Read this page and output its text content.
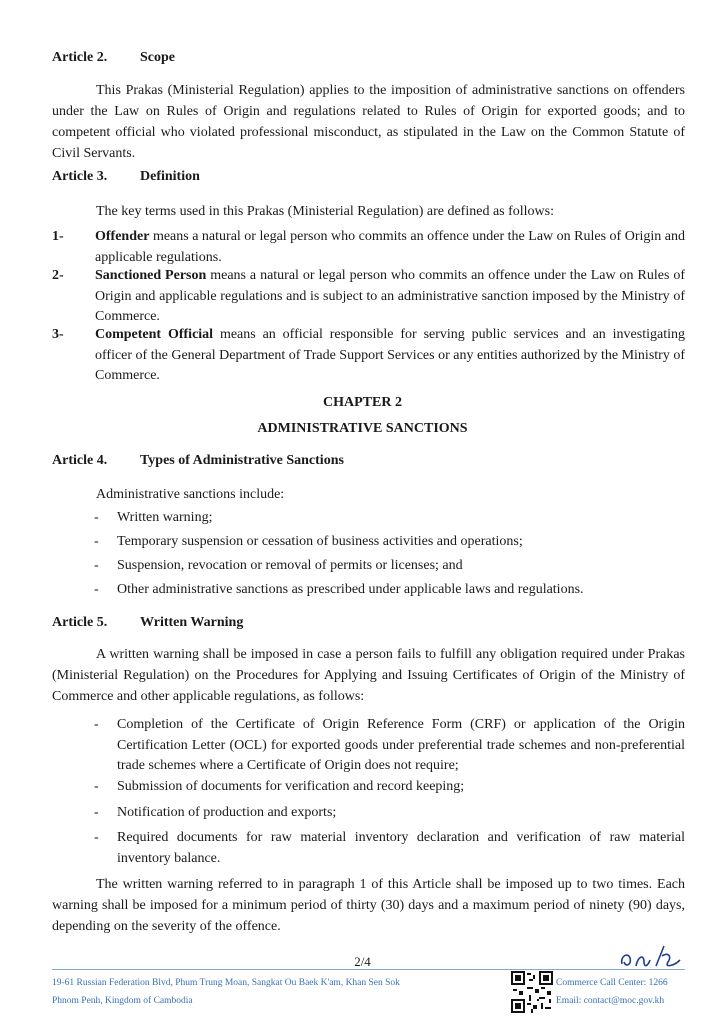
Article 2. Scope
This Prakas (Ministerial Regulation) applies to the imposition of administrative sanctions on offenders under the Law on Rules of Origin and regulations related to Rules of Origin for exported goods; and to competent official who violated professional misconduct, as stipulated in the Law on the Common Statute of Civil Servants.
Article 3. Definition
The key terms used in this Prakas (Ministerial Regulation) are defined as follows:
1- Offender means a natural or legal person who commits an offence under the Law on Rules of Origin and applicable regulations.
2- Sanctioned Person means a natural or legal person who commits an offence under the Law on Rules of Origin and applicable regulations and is subject to an administrative sanction imposed by the Ministry of Commerce.
3- Competent Official means an official responsible for serving public services and an investigating officer of the General Department of Trade Support Services or any entities authorized by the Ministry of Commerce.
CHAPTER 2
ADMINISTRATIVE SANCTIONS
Article 4. Types of Administrative Sanctions
Administrative sanctions include:
- Written warning;
- Temporary suspension or cessation of business activities and operations;
- Suspension, revocation or removal of permits or licenses; and
- Other administrative sanctions as prescribed under applicable laws and regulations.
Article 5. Written Warning
A written warning shall be imposed in case a person fails to fulfill any obligation required under Prakas (Ministerial Regulation) on the Procedures for Applying and Issuing Certificates of Origin of the Ministry of Commerce and other applicable regulations, as follows:
- Completion of the Certificate of Origin Reference Form (CRF) or application of the Origin Certification Letter (OCL) for exported goods under preferential trade schemes and non-preferential trade schemes where a Certificate of Origin does not require;
- Submission of documents for verification and record keeping;
- Notification of production and exports;
- Required documents for raw material inventory declaration and verification of raw material inventory balance.
The written warning referred to in paragraph 1 of this Article shall be imposed up to two times. Each warning shall be imposed for a minimum period of thirty (30) days and a maximum period of ninety (90) days, depending on the severity of the offence.
2/4
19-61 Russian Federation Blvd, Phum Trung Moan, Sangkat Ou Baek K'am, Khan Sen Sok
Phnom Penh, Kingdom of Cambodia
Commerce Call Center: 1266
Email: contact@moc.gov.kh
